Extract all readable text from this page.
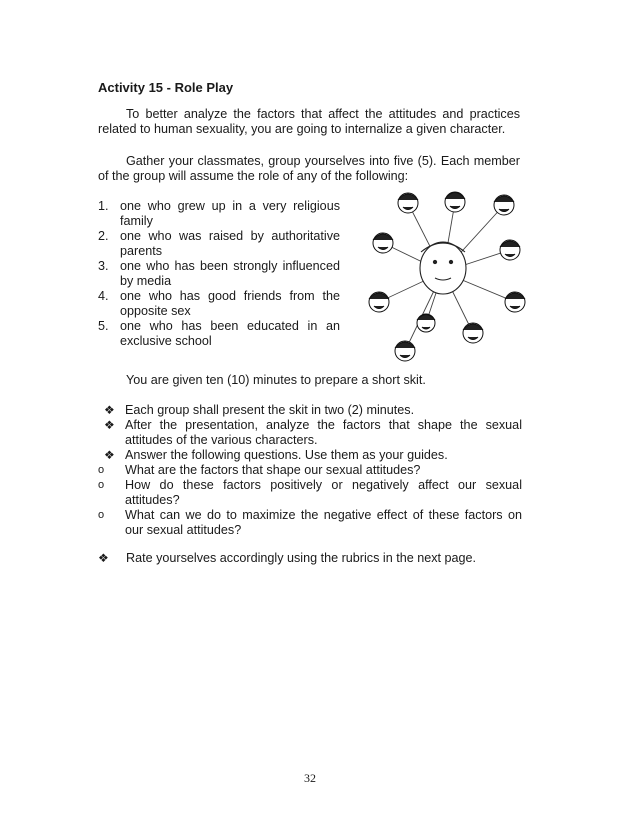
Activity 15 - Role Play
To better analyze the factors that affect the attitudes and practices related to human sexuality, you are going to internalize a given character.
Gather your classmates, group yourselves into five (5). Each member of the group will assume the role of any of the following:
1. one who grew up in a very religious
family
2. one who was raised by authoritative
parents
3. one who has been strongly influenced
by media
4. one who has good friends from the
opposite sex
5. one who has been educated in an
exclusive school
You are given ten (10) minutes to prepare a short skit.
❖ Each group shall present the skit in two (2) minutes.
❖ After the presentation, analyze the factors that shape the sexual
attitudes of the various characters.
❖ Answer the following questions. Use them as your guides.
o	What are the factors that shape our sexual attitudes?
o	How do these factors positively or negatively affect our sexual
attitudes?
o	What can we do to maximize the negative effect of these factors on
our sexual attitudes?
❖	Rate yourselves accordingly using the rubrics in the next page.
32
